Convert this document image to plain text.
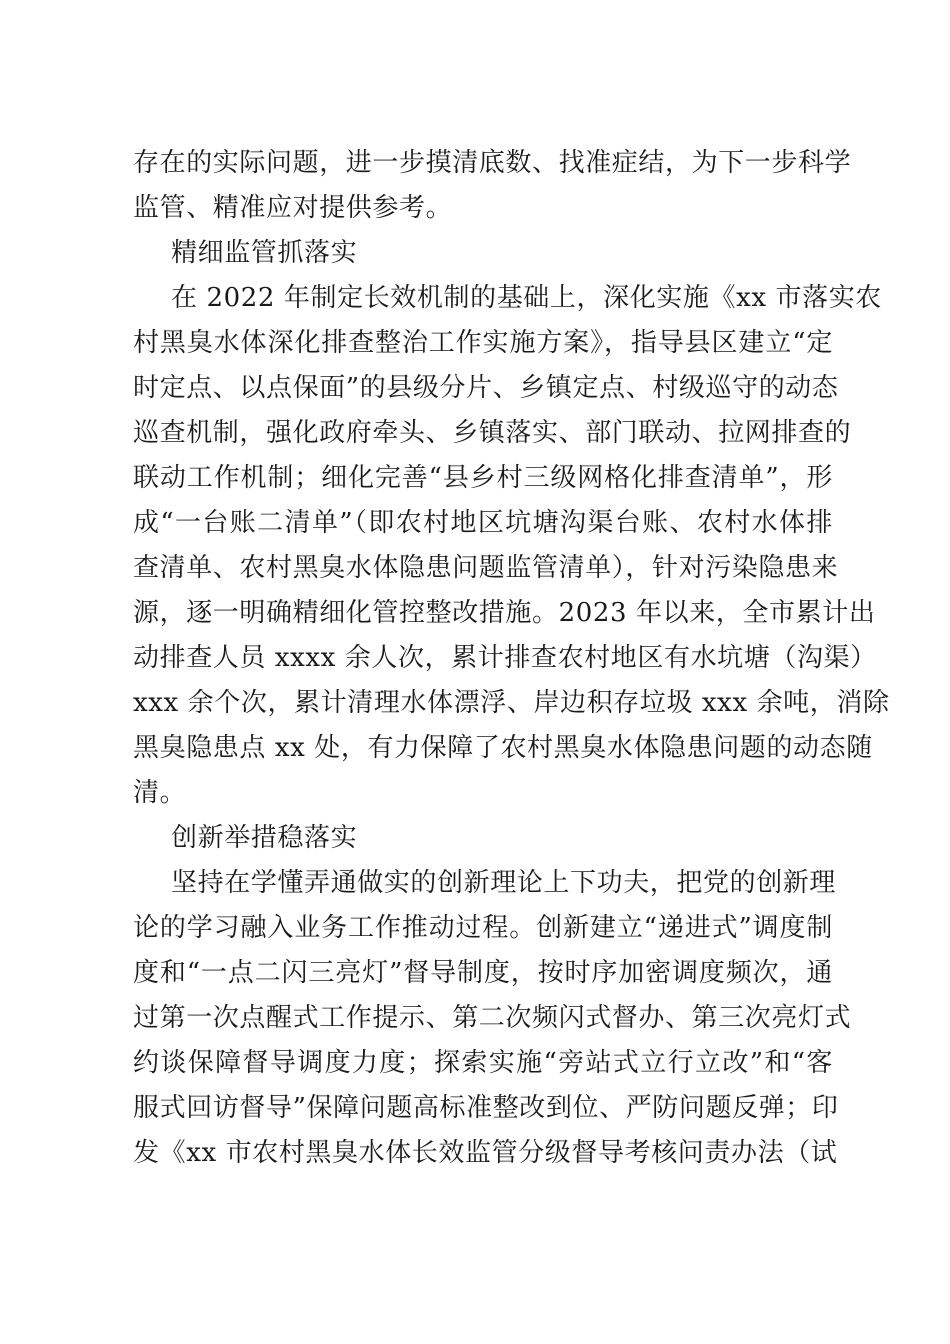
存在的实际问题，进一步摸清底数、找准症结，为下一步科学
监管、精准应对提供参考。
精细监管抓落实
在 2022 年制定长效机制的基础上，深化实施《xx 市落实农
村黑臭水体深化排查整治工作实施方案》，指导县区建立“定
时定点、以点保面”的县级分片、乡镇定点、村级巡守的动态
巡查机制，强化政府牵头、乡镇落实、部门联动、拉网排查的
联动工作机制；细化完善“县乡村三级网格化排查清单”，形
成“一台账二清单”（即农村地区坑塘沟渠台账、农村水体排
查清单、农村黑臭水体隐患问题监管清单），针对污染隐患来
源，逐一明确精细化管控整改措施。2023 年以来，全市累计出
动排查人员 xxxx 余人次，累计排查农村地区有水坑塘（沟渠）
xxx 余个次，累计清理水体漂浮、岸边积存垃圾 xxx 余吨，消除
黑臭隐患点 xx 处，有力保障了农村黑臭水体隐患问题的动态随
清。
创新举措稳落实
坚持在学懂弄通做实的创新理论上下功夫，把党的创新理
论的学习融入业务工作推动过程。创新建立“递进式”调度制
度和“一点二闪三亮灯”督导制度，按时序加密调度频次，通
过第一次点醒式工作提示、第二次频闪式督办、第三次亮灯式
约谈保障督导调度力度；探索实施“旁站式立行立改”和“客
服式回访督导”保障问题高标准整改到位、严防问题反弹；印
发《xx 市农村黑臭水体长效监管分级督导考核问责办法（试
